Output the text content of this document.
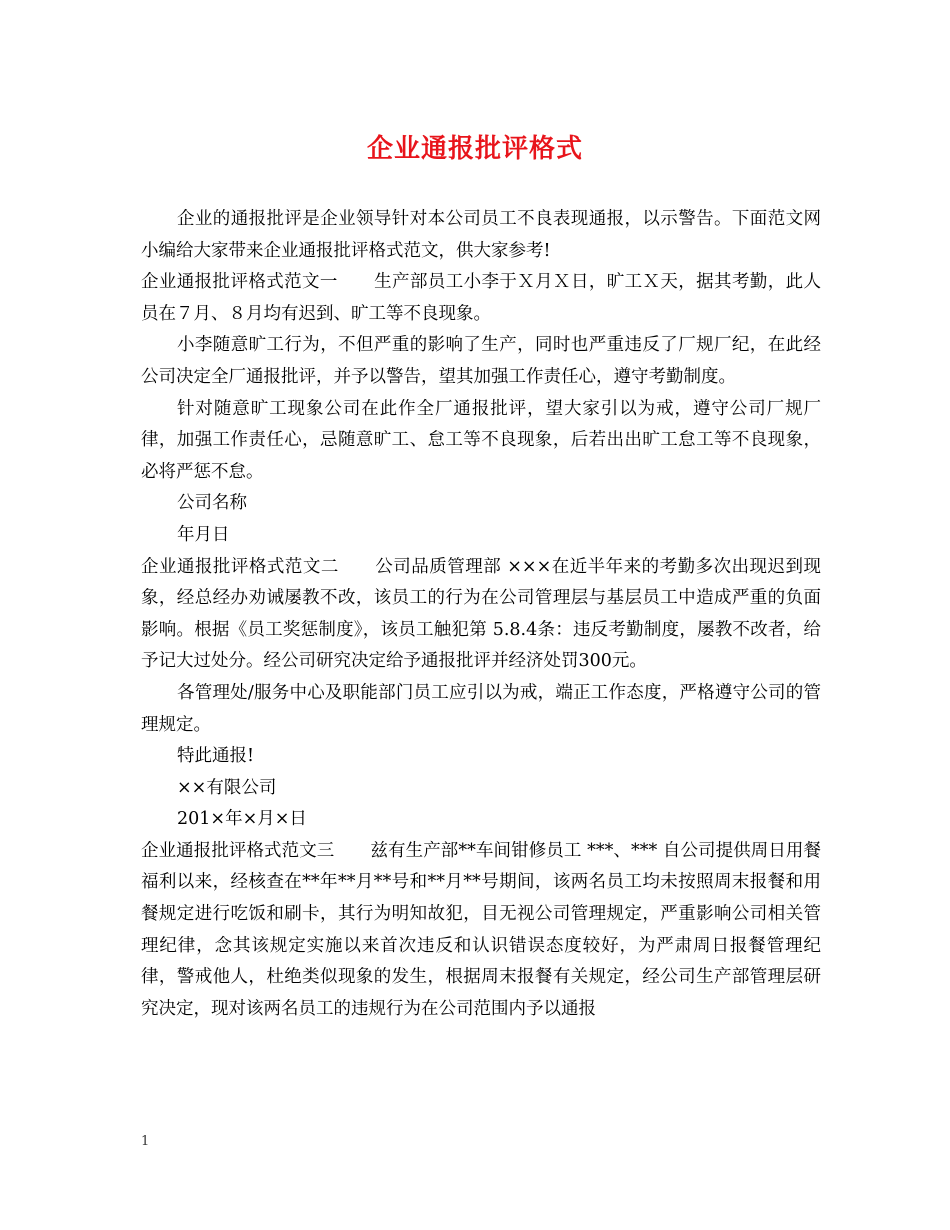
企业通报批评格式

企业的通报批评是企业领导针对本公司员工不良表现通报，以示警告。下面范文网小编给大家带来企业通报批评格式范文，供大家参考!

企业通报批评格式范文一 生产部员工小李于Ｘ月Ｘ日，旷工Ｘ天，据其考勤，此人员在７月、８月均有迟到、旷工等不良现象。

小李随意旷工行为，不但严重的影响了生产，同时也严重违反了厂规厂纪，在此经公司决定全厂通报批评，并予以警告，望其加强工作责任心，遵守考勤制度。

针对随意旷工现象公司在此作全厂通报批评，望大家引以为戒，遵守公司厂规厂律，加强工作责任心，忌随意旷工、怠工等不良现象，后若出出旷工怠工等不良现象，必将严惩不怠。

公司名称

年月日

企业通报批评格式范文二 公司品质管理部 ×××在近半年来的考勤多次出现迟到现象，经总经办劝诫屡教不改，该员工的行为在公司管理层与基层员工中造成严重的负面影响。根据《员工奖惩制度》，该员工触犯第 5.8.4条：违反考勤制度，屡教不改者，给予记大过处分。经公司研究决定给予通报批评并经济处罚300元。

各管理处/服务中心及职能部门员工应引以为戒，端正工作态度，严格遵守公司的管理规定。

特此通报!

××有限公司

201×年×月×日

企业通报批评格式范文三 兹有生产部**车间钳修员工 ***、*** 自公司提供周日用餐福利以来，经核查在**年**月**号和**月**号期间，该两名员工均未按照周末报餐和用餐规定进行吃饭和刷卡，其行为明知故犯，目无视公司管理规定，严重影响公司相关管理纪律，念其该规定实施以来首次违反和认识错误态度较好，为严肃周日报餐管理纪律，警戒他人，杜绝类似现象的发生，根据周末报餐有关规定，经公司生产部管理层研究决定，现对该两名员工的违规行为在公司范围内予以通报

1
